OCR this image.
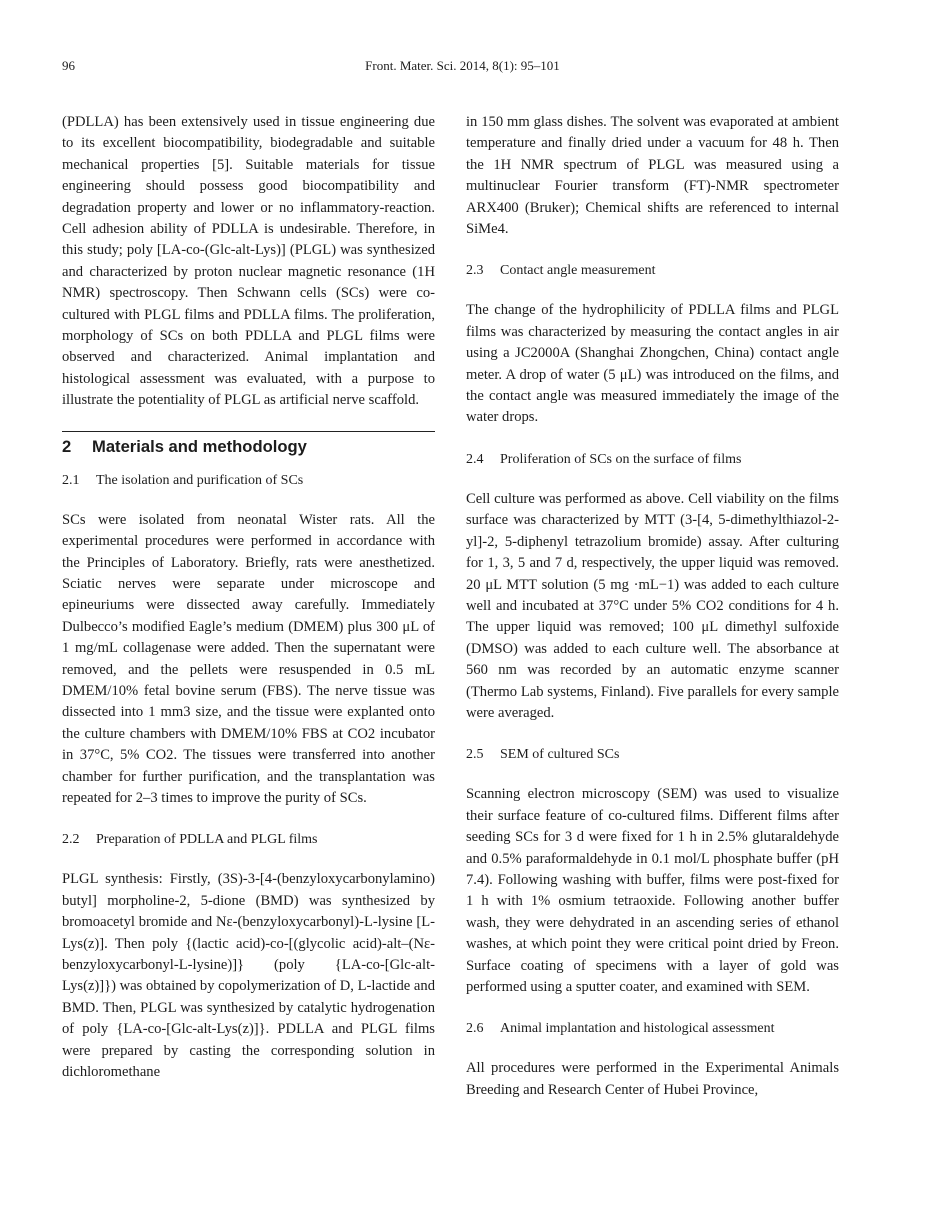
96	Front. Mater. Sci. 2014, 8(1): 95–101

(PDLLA) has been extensively used in tissue engineering due to its excellent biocompatibility, biodegradable and suitable mechanical properties [5]. Suitable materials for tissue engineering should possess good biocompatibility and degradation property and lower or no inflammatory-reaction. Cell adhesion ability of PDLLA is undesirable. Therefore, in this study; poly [LA-co-(Glc-alt-Lys)] (PLGL) was synthesized and characterized by proton nuclear magnetic resonance (1H NMR) spectroscopy. Then Schwann cells (SCs) were co-cultured with PLGL films and PDLLA films. The proliferation, morphology of SCs on both PDLLA and PLGL films were observed and characterized. Animal implantation and histological assessment was evaluated, with a purpose to illustrate the potentiality of PLGL as artificial nerve scaffold.

2 Materials and methodology
2.1 The isolation and purification of SCs

SCs were isolated from neonatal Wister rats. All the experimental procedures were performed in accordance with the Principles of Laboratory. Briefly, rats were anesthetized. Sciatic nerves were separate under microscope and epineuriums were dissected away carefully. Immediately Dulbecco’s modified Eagle’s medium (DMEM) plus 300 μL of 1 mg/mL collagenase were added. Then the supernatant were removed, and the pellets were resuspended in 0.5 mL DMEM/10% fetal bovine serum (FBS). The nerve tissue was dissected into 1 mm3 size, and the tissue were explanted onto the culture chambers with DMEM/10% FBS at CO2 incubator in 37°C, 5% CO2. The tissues were transferred into another chamber for further purification, and the transplantation was repeated for 2–3 times to improve the purity of SCs.

2.2 Preparation of PDLLA and PLGL films

PLGL synthesis: Firstly, (3S)-3-[4-(benzyloxycarbonylamino) butyl] morpholine-2, 5-dione (BMD) was synthesized by bromoacetyl bromide and Nε-(benzyloxycarbonyl)-L-lysine [L-Lys(z)]. Then poly {(lactic acid)-co-[(glycolic acid)-alt–(Nε-benzyloxycarbonyl-L-lysine)]} (poly {LA-co-[Glc-alt-Lys(z)]}) was obtained by copolymerization of D, L-lactide and BMD. Then, PLGL was synthesized by catalytic hydrogenation of poly {LA-co-[Glc-alt-Lys(z)]}. PDLLA and PLGL films were prepared by casting the corresponding solution in dichloromethane

in 150 mm glass dishes. The solvent was evaporated at ambient temperature and finally dried under a vacuum for 48 h. Then the 1H NMR spectrum of PLGL was measured using a multinuclear Fourier transform (FT)-NMR spectrometer ARX400 (Bruker); Chemical shifts are referenced to internal SiMe4.

2.3 Contact angle measurement

The change of the hydrophilicity of PDLLA films and PLGL films was characterized by measuring the contact angles in air using a JC2000A (Shanghai Zhongchen, China) contact angle meter. A drop of water (5 μL) was introduced on the films, and the contact angle was measured immediately the image of the water drops.

2.4 Proliferation of SCs on the surface of films

Cell culture was performed as above. Cell viability on the films surface was characterized by MTT (3-[4, 5-dimethylthiazol-2-yl]-2, 5-diphenyl tetrazolium bromide) assay. After culturing for 1, 3, 5 and 7 d, respectively, the upper liquid was removed. 20 μL MTT solution (5 mg ·mL−1) was added to each culture well and incubated at 37°C under 5% CO2 conditions for 4 h. The upper liquid was removed; 100 μL dimethyl sulfoxide (DMSO) was added to each culture well. The absorbance at 560 nm was recorded by an automatic enzyme scanner (Thermo Lab systems, Finland). Five parallels for every sample were averaged.

2.5 SEM of cultured SCs

Scanning electron microscopy (SEM) was used to visualize their surface feature of co-cultured films. Different films after seeding SCs for 3 d were fixed for 1 h in 2.5% glutaraldehyde and 0.5% paraformaldehyde in 0.1 mol/L phosphate buffer (pH 7.4). Following washing with buffer, films were post-fixed for 1 h with 1% osmium tetraoxide. Following another buffer wash, they were dehydrated in an ascending series of ethanol washes, at which point they were critical point dried by Freon. Surface coating of specimens with a layer of gold was performed using a sputter coater, and examined with SEM.

2.6 Animal implantation and histological assessment

All procedures were performed in the Experimental Animals Breeding and Research Center of Hubei Province,
